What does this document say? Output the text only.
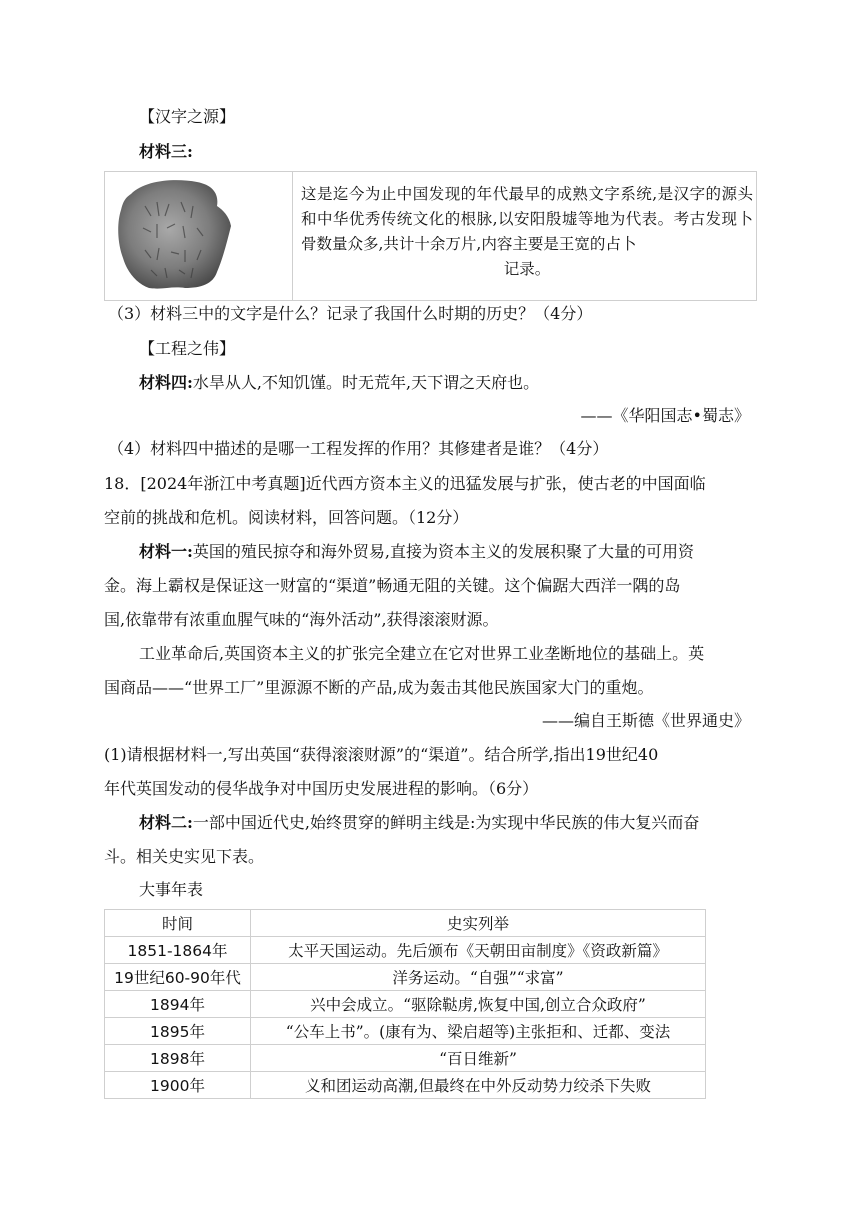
【汉字之源】
材料三:
这是迄今为止中国发现的年代最早的成熟文字系统,是汉字的源头和中华优秀传统文化的根脉,以安阳殷墟等地为代表。考古发现卜骨数量众多,共计十余万片,内容主要是王宽的占卜
记录。
（3）材料三中的文字是什么？记录了我国什么时期的历史？（4分）
【工程之伟】
材料四:水旱从人,不知饥馑。时无荒年,天下谓之天府也。
——《华阳国志•蜀志》
（4）材料四中描述的是哪一工程发挥的作用？其修建者是谁？（4分）
18．[2024年浙江中考真题]近代西方资本主义的迅猛发展与扩张，使古老的中国面临
空前的挑战和危机。阅读材料，回答问题。（12分）
材料一:英国的殖民掠夺和海外贸易,直接为资本主义的发展积聚了大量的可用资
金。海上霸权是保证这一财富的“渠道”畅通无阻的关键。这个偏踞大西洋一隅的岛
国,依靠带有浓重血腥气味的“海外活动”,获得滚滚财源。
工业革命后,英国资本主义的扩张完全建立在它对世界工业垄断地位的基础上。英
国商品——“世界工厂”里源源不断的产品,成为轰击其他民族国家大门的重炮。
——编自王斯德《世界通史》
(1)请根据材料一,写出英国“获得滚滚财源”的“渠道”。结合所学,指出19世纪40
年代英国发动的侵华战争对中国历史发展进程的影响。（6分）
材料二:一部中国近代史,始终贯穿的鲜明主线是:为实现中华民族的伟大复兴而奋
斗。相关史实见下表。
大事年表
时间	史实列举
1851-1864年	太平天国运动。先后颁布《天朝田亩制度》《资政新篇》
19世纪60-90年代	洋务运动。“自强”“求富”
1894年	兴中会成立。“驱除鞑虏,恢复中国,创立合众政府”
1895年	“公车上书”。(康有为、梁启超等)主张拒和、迁都、变法
1898年	“百日维新”
1900年	义和团运动高潮,但最终在中外反动势力绞杀下失败
